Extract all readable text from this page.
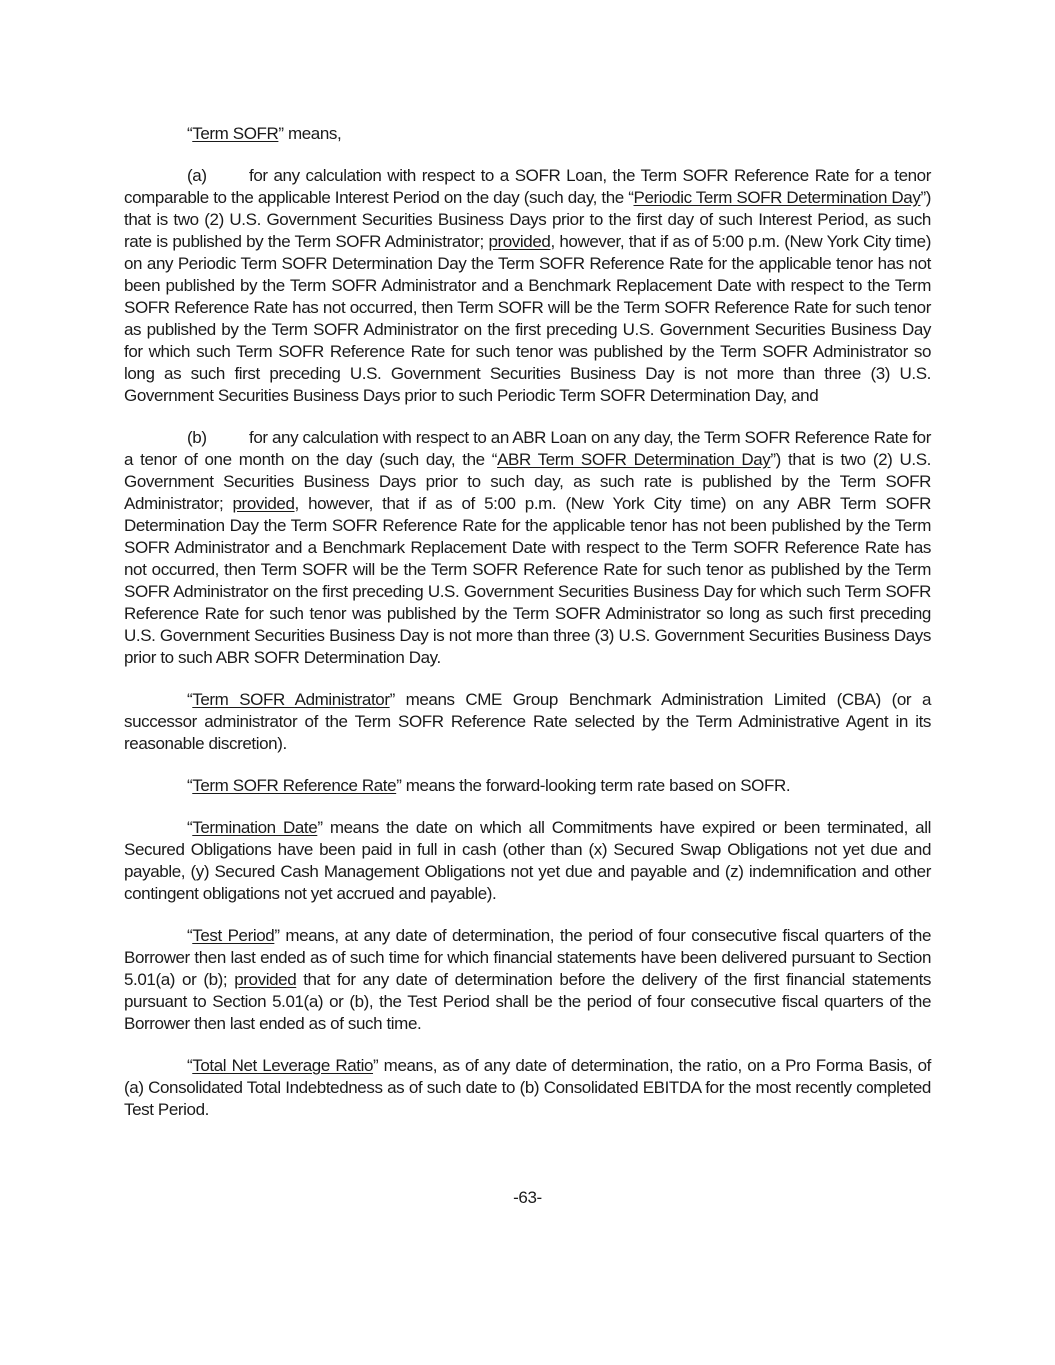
“Term SOFR” means,

(a) for any calculation with respect to a SOFR Loan, the Term SOFR Reference Rate for a tenor comparable to the applicable Interest Period on the day (such day, the “Periodic Term SOFR Determination Day”) that is two (2) U.S. Government Securities Business Days prior to the first day of such Interest Period, as such rate is published by the Term SOFR Administrator; provided, however, that if as of 5:00 p.m. (New York City time) on any Periodic Term SOFR Determination Day the Term SOFR Reference Rate for the applicable tenor has not been published by the Term SOFR Administrator and a Benchmark Replacement Date with respect to the Term SOFR Reference Rate has not occurred, then Term SOFR will be the Term SOFR Reference Rate for such tenor as published by the Term SOFR Administrator on the first preceding U.S. Government Securities Business Day for which such Term SOFR Reference Rate for such tenor was published by the Term SOFR Administrator so long as such first preceding U.S. Government Securities Business Day is not more than three (3) U.S. Government Securities Business Days prior to such Periodic Term SOFR Determination Day, and

(b) for any calculation with respect to an ABR Loan on any day, the Term SOFR Reference Rate for a tenor of one month on the day (such day, the “ABR Term SOFR Determination Day”) that is two (2) U.S. Government Securities Business Days prior to such day, as such rate is published by the Term SOFR Administrator; provided, however, that if as of 5:00 p.m. (New York City time) on any ABR Term SOFR Determination Day the Term SOFR Reference Rate for the applicable tenor has not been published by the Term SOFR Administrator and a Benchmark Replacement Date with respect to the Term SOFR Reference Rate has not occurred, then Term SOFR will be the Term SOFR Reference Rate for such tenor as published by the Term SOFR Administrator on the first preceding U.S. Government Securities Business Day for which such Term SOFR Reference Rate for such tenor was published by the Term SOFR Administrator so long as such first preceding U.S. Government Securities Business Day is not more than three (3) U.S. Government Securities Business Days prior to such ABR SOFR Determination Day.

“Term SOFR Administrator” means CME Group Benchmark Administration Limited (CBA) (or a successor administrator of the Term SOFR Reference Rate selected by the Term Administrative Agent in its reasonable discretion).

“Term SOFR Reference Rate” means the forward-looking term rate based on SOFR.

“Termination Date” means the date on which all Commitments have expired or been terminated, all Secured Obligations have been paid in full in cash (other than (x) Secured Swap Obligations not yet due and payable, (y) Secured Cash Management Obligations not yet due and payable and (z) indemnification and other contingent obligations not yet accrued and payable).

“Test Period” means, at any date of determination, the period of four consecutive fiscal quarters of the Borrower then last ended as of such time for which financial statements have been delivered pursuant to Section 5.01(a) or (b); provided that for any date of determination before the delivery of the first financial statements pursuant to Section 5.01(a) or (b), the Test Period shall be the period of four consecutive fiscal quarters of the Borrower then last ended as of such time.

“Total Net Leverage Ratio” means, as of any date of determination, the ratio, on a Pro Forma Basis, of (a) Consolidated Total Indebtedness as of such date to (b) Consolidated EBITDA for the most recently completed Test Period.

-63-
